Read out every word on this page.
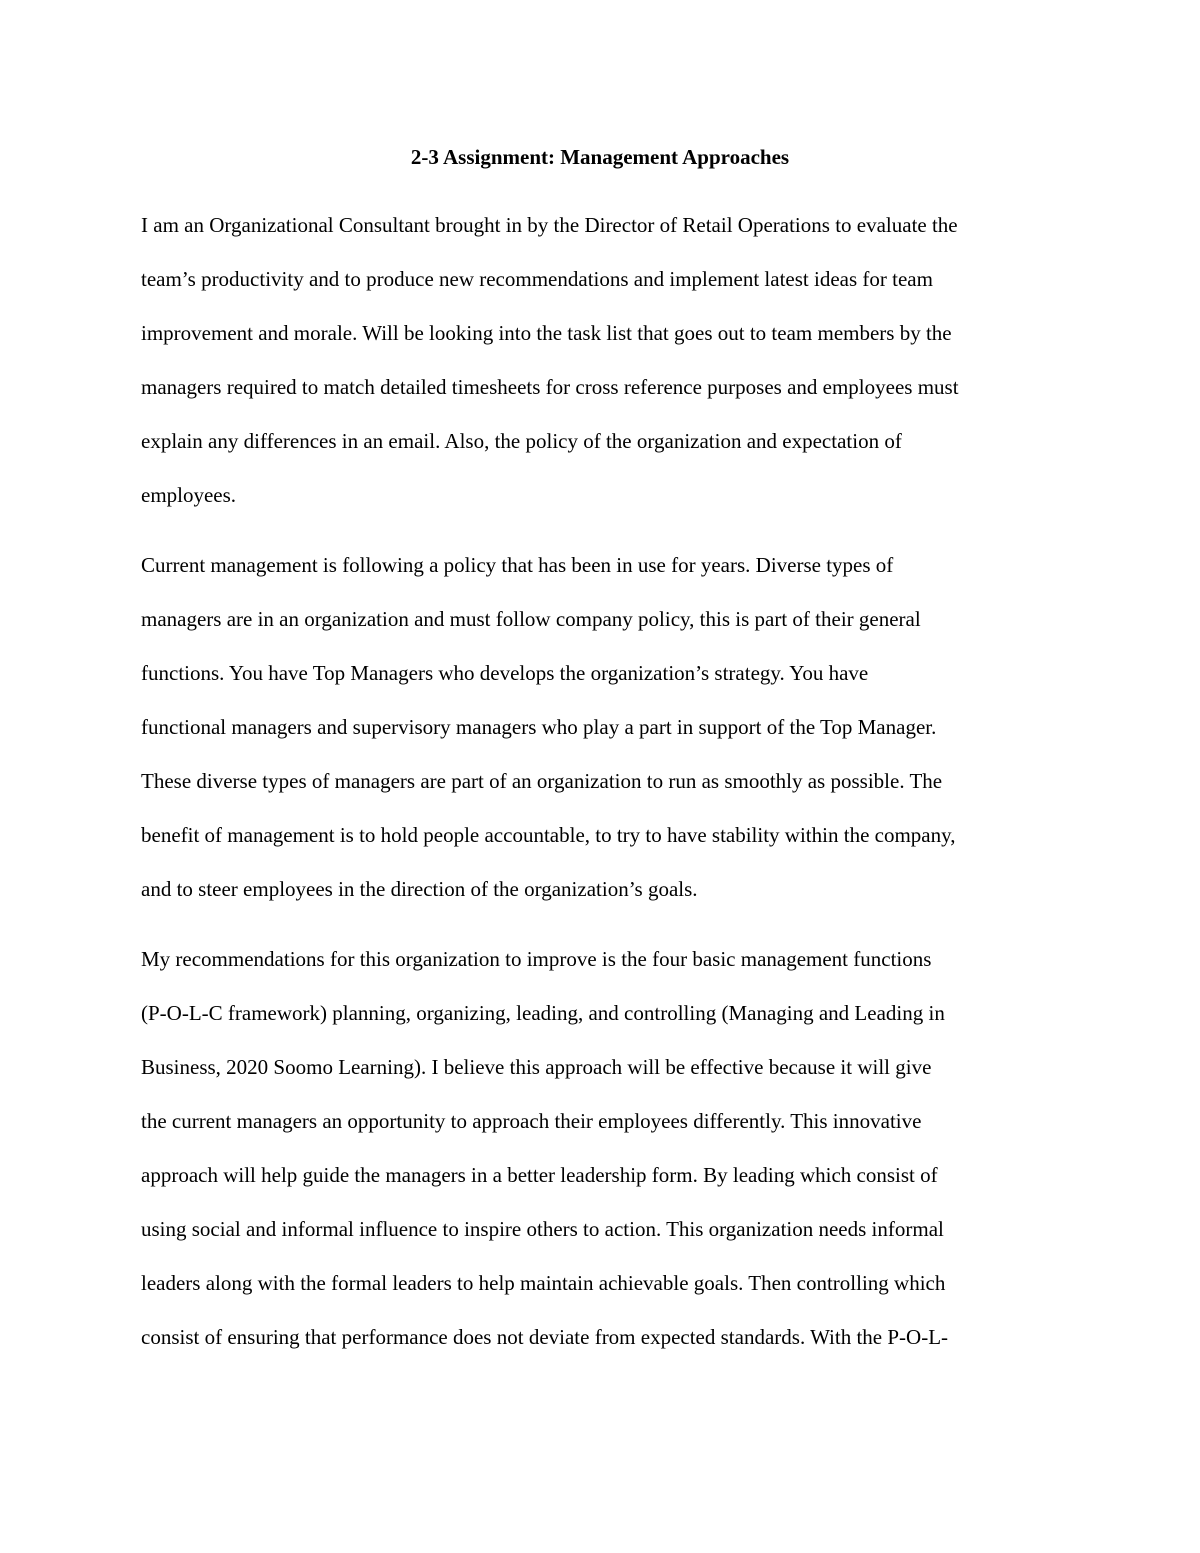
2-3 Assignment: Management Approaches

I am an Organizational Consultant brought in by the Director of Retail Operations to evaluate the

team’s productivity and to produce new recommendations and implement latest ideas for team

improvement and morale. Will be looking into the task list that goes out to team members by the

managers required to match detailed timesheets for cross reference purposes and employees must

explain any differences in an email. Also, the policy of the organization and expectation of

employees.

Current management is following a policy that has been in use for years. Diverse types of

managers are in an organization and must follow company policy, this is part of their general

functions. You have Top Managers who develops the organization’s strategy. You have

functional managers and supervisory managers who play a part in support of the Top Manager.

These diverse types of managers are part of an organization to run as smoothly as possible. The

benefit of management is to hold people accountable, to try to have stability within the company,

and to steer employees in the direction of the organization’s goals.

My recommendations for this organization to improve is the four basic management functions

(P-O-L-C framework) planning, organizing, leading, and controlling (Managing and Leading in

Business, 2020 Soomo Learning). I believe this approach will be effective because it will give

the current managers an opportunity to approach their employees differently. This innovative

approach will help guide the managers in a better leadership form. By leading which consist of

using social and informal influence to inspire others to action. This organization needs informal

leaders along with the formal leaders to help maintain achievable goals. Then controlling which

consist of ensuring that performance does not deviate from expected standards. With the P-O-L-
